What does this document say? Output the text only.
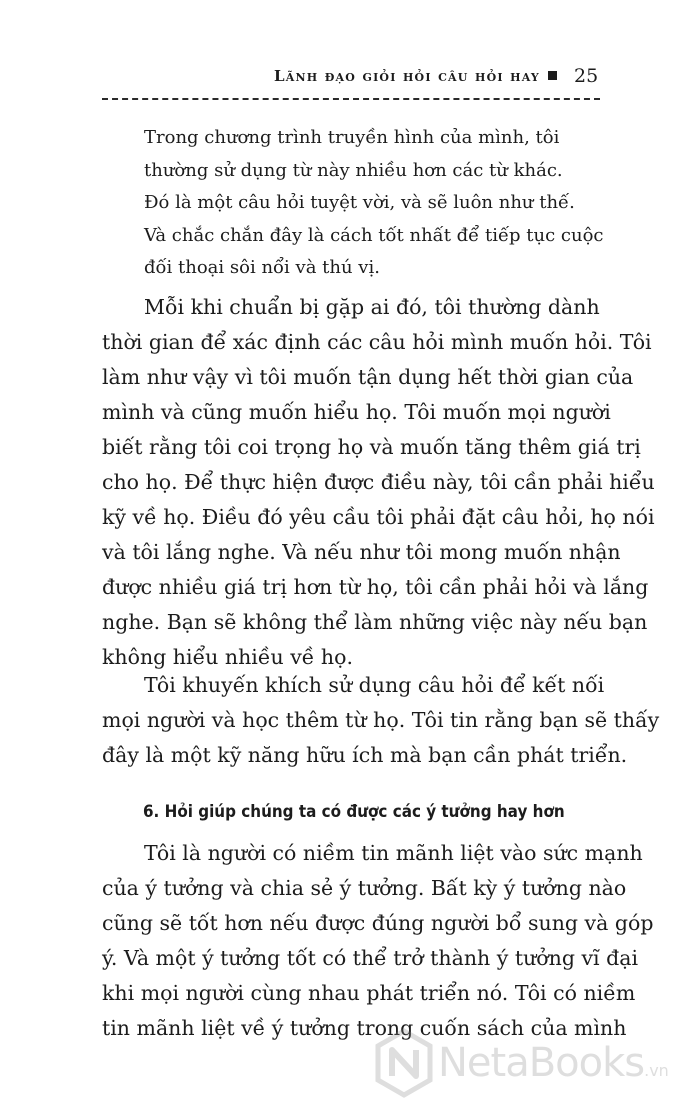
Lãnh đạo giỏi hỏi câu hỏi hay 25
Trong chương trình truyền hình của mình, tôi
thường sử dụng từ này nhiều hơn các từ khác.
Đó là một câu hỏi tuyệt vời, và sẽ luôn như thế.
Và chắc chắn đây là cách tốt nhất để tiếp tục cuộc
đối thoại sôi nổi và thú vị.
Mỗi khi chuẩn bị gặp ai đó, tôi thường dành
thời gian để xác định các câu hỏi mình muốn hỏi. Tôi
làm như vậy vì tôi muốn tận dụng hết thời gian của
mình và cũng muốn hiểu họ. Tôi muốn mọi người
biết rằng tôi coi trọng họ và muốn tăng thêm giá trị
cho họ. Để thực hiện được điều này, tôi cần phải hiểu
kỹ về họ. Điều đó yêu cầu tôi phải đặt câu hỏi, họ nói
và tôi lắng nghe. Và nếu như tôi mong muốn nhận
được nhiều giá trị hơn từ họ, tôi cần phải hỏi và lắng
nghe. Bạn sẽ không thể làm những việc này nếu bạn
không hiểu nhiều về họ.
Tôi khuyến khích sử dụng câu hỏi để kết nối
mọi người và học thêm từ họ. Tôi tin rằng bạn sẽ thấy
đây là một kỹ năng hữu ích mà bạn cần phát triển.
6. Hỏi giúp chúng ta có được các ý tưởng hay hơn
Tôi là người có niềm tin mãnh liệt vào sức mạnh
của ý tưởng và chia sẻ ý tưởng. Bất kỳ ý tưởng nào
cũng sẽ tốt hơn nếu được đúng người bổ sung và góp
ý. Và một ý tưởng tốt có thể trở thành ý tưởng vĩ đại
khi mọi người cùng nhau phát triển nó. Tôi có niềm
tin mãnh liệt về ý tưởng trong cuốn sách của mình
NetaBooks.vn
